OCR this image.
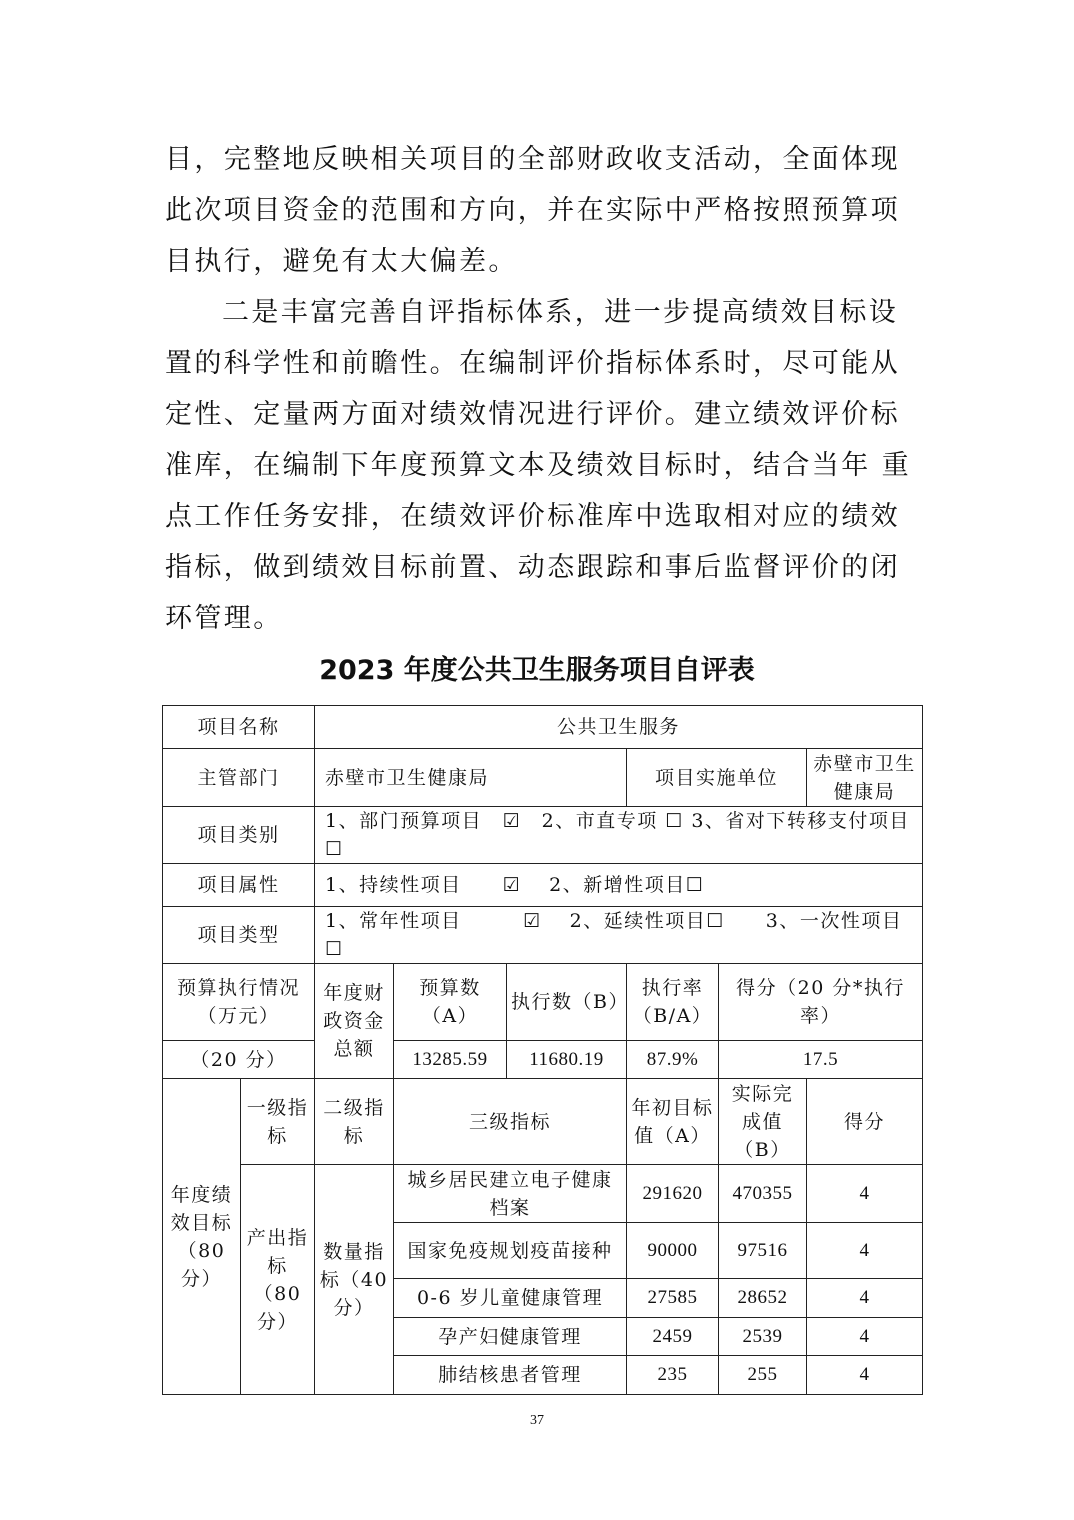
目，完整地反映相关项目的全部财政收支活动，全面体现此次项目资金的范围和方向，并在实际中严格按照预算项目执行，避免有太大偏差。

二是丰富完善自评指标体系，进一步提高绩效目标设置的科学性和前瞻性。在编制评价指标体系时，尽可能从定性、定量两方面对绩效情况进行评价。建立绩效评价标准库，在编制下年度预算文本及绩效目标时，结合当年 重点工作任务安排，在绩效评价标准库中选取相对应的绩效指标，做到绩效目标前置、动态跟踪和事后监督评价的闭环管理。

2023 年度公共卫生服务项目自评表
项目名称		公共卫生服务					
主管部门		赤壁市卫生健康局			项目实施单位		赤壁市卫生健康局
项目类别		1、部门预算项目　☑　2、市直专项 ☐ 3、省对下转移支付项目☐					
项目属性		1、持续性项目　　☑　 2、新增性项目☐					
项目类型		1、常年性项目　　　☑　 2、延续性项目☐　　3、一次性项目　☐					
预算执行情况（万元）		年度财政资金总额	预算数（A）	执行数（B）	执行率（B/A）	得分（20 分*执行率）	
（20 分）			13285.59	11680.19	87.9%	17.5	
年度绩效目标（80分）	一级指标	二级指标	三级指标		年初目标值（A）	实际完成值（B）	得分
	产出指标（80分）	数量指标（40分）	城乡居民建立电子健康档案		291620	470355	4
			国家免疫规划疫苗接种		90000	97516	4
			0-6 岁儿童健康管理		27585	28652	4
			孕产妇健康管理		2459	2539	4
			肺结核患者管理		235	255	4
37
